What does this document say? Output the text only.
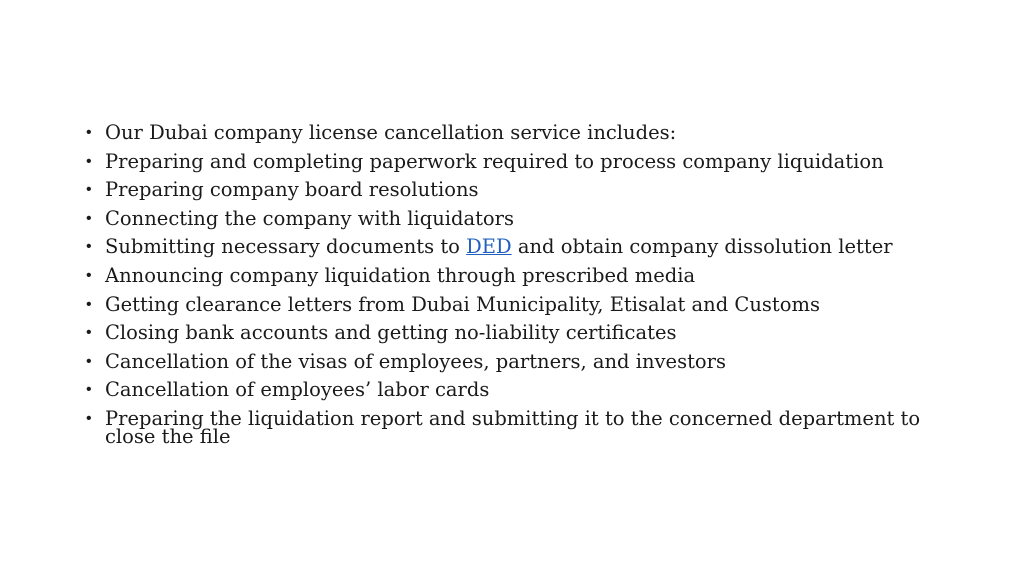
• Our Dubai company license cancellation service includes:
• Preparing and completing paperwork required to process company liquidation
• Preparing company board resolutions
• Connecting the company with liquidators
• Submitting necessary documents to DED and obtain company dissolution letter
• Announcing company liquidation through prescribed media
• Getting clearance letters from Dubai Municipality, Etisalat and Customs
• Closing bank accounts and getting no-liability certificates
• Cancellation of the visas of employees, partners, and investors
• Cancellation of employees’ labor cards
• Preparing the liquidation report and submitting it to the concerned department to close the file
